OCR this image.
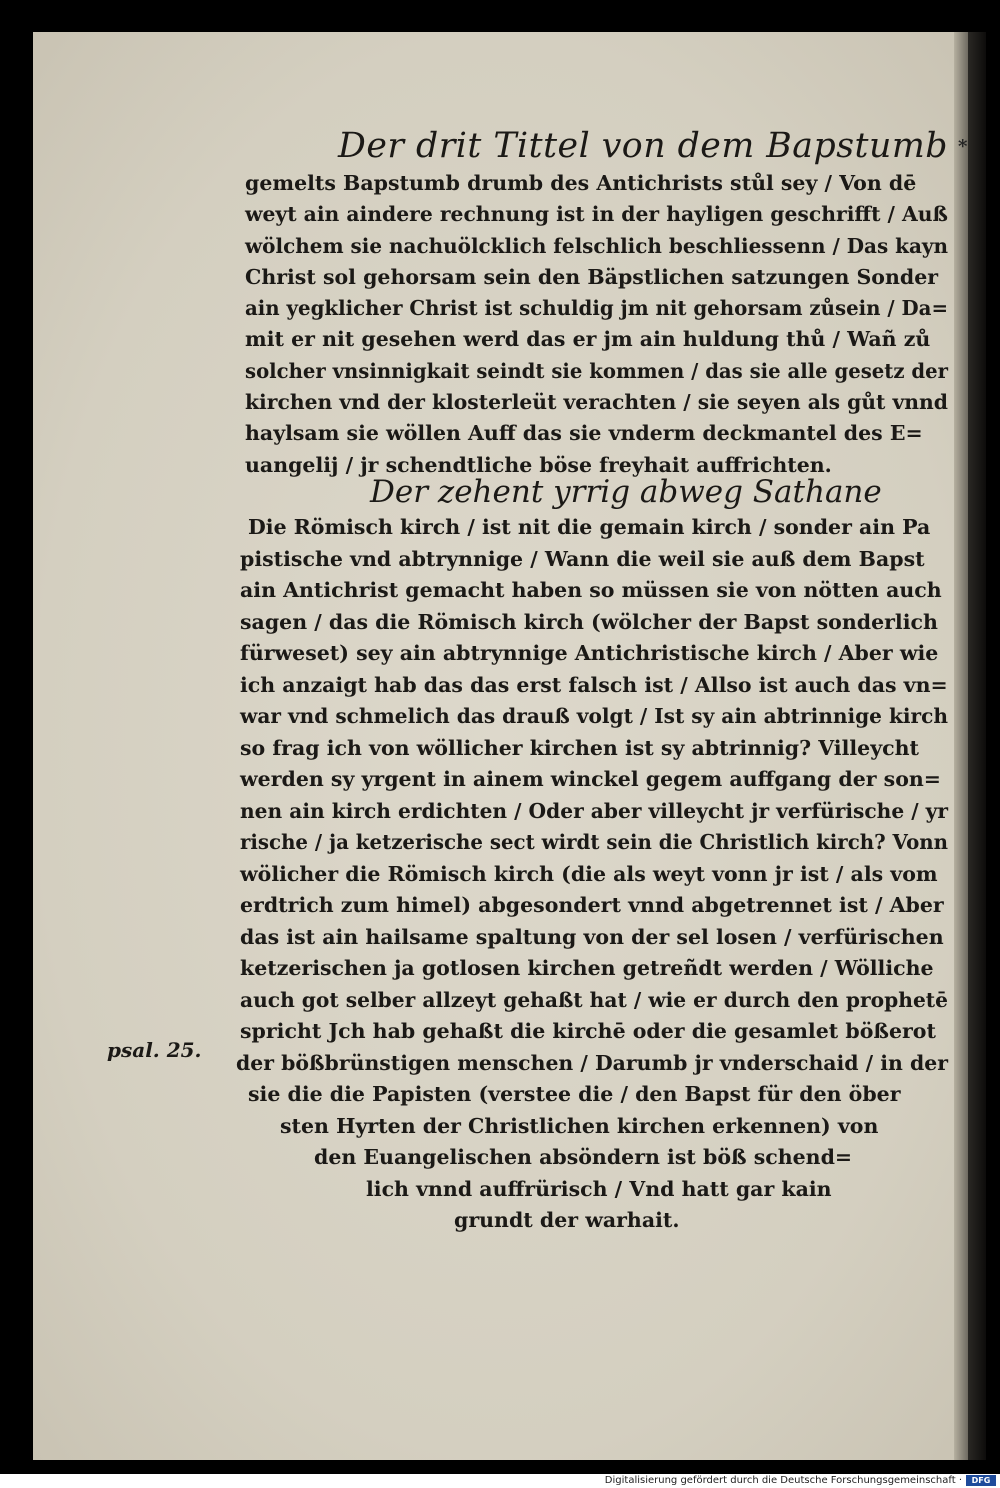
Der drit Tittel von dem Bapstumb *
gemelts Bapstumb drumb des Antichrists stůl sey / Von dē
weyt ain aindere rechnung ist in der hayligen geschrifft / Auß
wölchem sie nachuölcklich felschlich beschliessenn / Das kayn
Christ sol gehorsam sein den Bäpstlichen satzungen Sonder
ain yegklicher Christ ist schuldig jm nit gehorsam zůsein / Da=
mit er nit gesehen werd das er jm ain huldung thů / Wañ zů
solcher vnsinnigkait seindt sie kommen / das sie alle gesetz der
kirchen vnd der klosterleüt verachten / sie seyen als gůt vnnd
haylsam sie wöllen Auff das sie vnderm deckmantel des E=
uangelij / jr schendtliche böse freyhait auffrichten.
Der zehent yrrig abweg Sathane
Die Römisch kirch / ist nit die gemain kirch / sonder ain Pa
pistische vnd abtrynnige / Wann die weil sie auß dem Bapst
ain Antichrist gemacht haben so müssen sie von nötten auch
sagen / das die Römisch kirch (wölcher der Bapst sonderlich
fürweset) sey ain abtrynnige Antichristische kirch / Aber wie
ich anzaigt hab das das erst falsch ist / Allso ist auch das vn=
war vnd schmelich das drauß volgt / Ist sy ain abtrinnige kirch
so frag ich von wöllicher kirchen ist sy abtrinnig? Villeycht
werden sy yrgent in ainem winckel gegem auffgang der son=
nen ain kirch erdichten / Oder aber villeycht jr verfürische / yr
rische / ja ketzerische sect wirdt sein die Christlich kirch? Vonn
wölicher die Römisch kirch (die als weyt vonn jr ist / als vom
erdtrich zum himel) abgesondert vnnd abgetrennet ist / Aber
das ist ain hailsame spaltung von der sel losen / verfürischen
ketzerischen ja gotlosen kirchen getreñdt werden / Wölliche
auch got selber allzeyt gehaßt hat / wie er durch den prophetē
spricht Jch hab gehaßt die kirchē oder die gesamlet bößerot
der bößbrünstigen menschen / Darumb jr vnderschaid / in der
sie die die Papisten (verstee die / den Bapst für den öber
sten Hyrten der Christlichen kirchen erkennen) von
den Euangelischen absöndern ist böß schend=
lich vnnd auffrürisch / Vnd hatt gar kain
grundt der warhait.
psal. 25.
Digitalisierung gefördert durch die Deutsche Forschungsgemeinschaft ·	DFG
